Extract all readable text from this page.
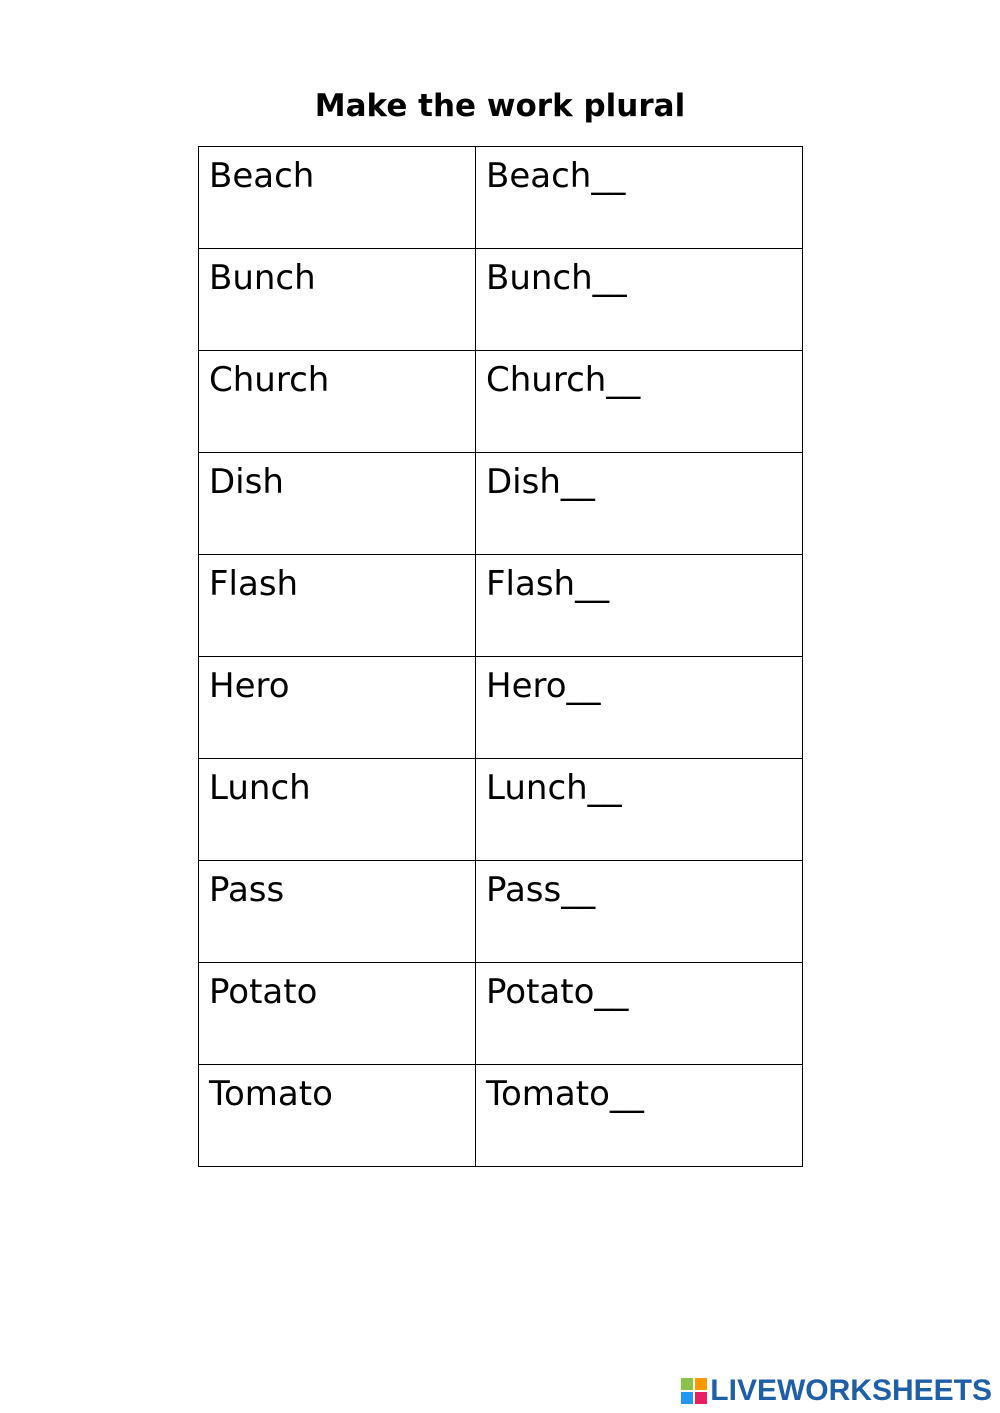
Make the work plural
Beach	Beach__
Bunch	Bunch__
Church	Church__
Dish	Dish__
Flash	Flash__
Hero	Hero__
Lunch	Lunch__
Pass	Pass__
Potato	Potato__
Tomato	Tomato__
LIVEWORKSHEETS
